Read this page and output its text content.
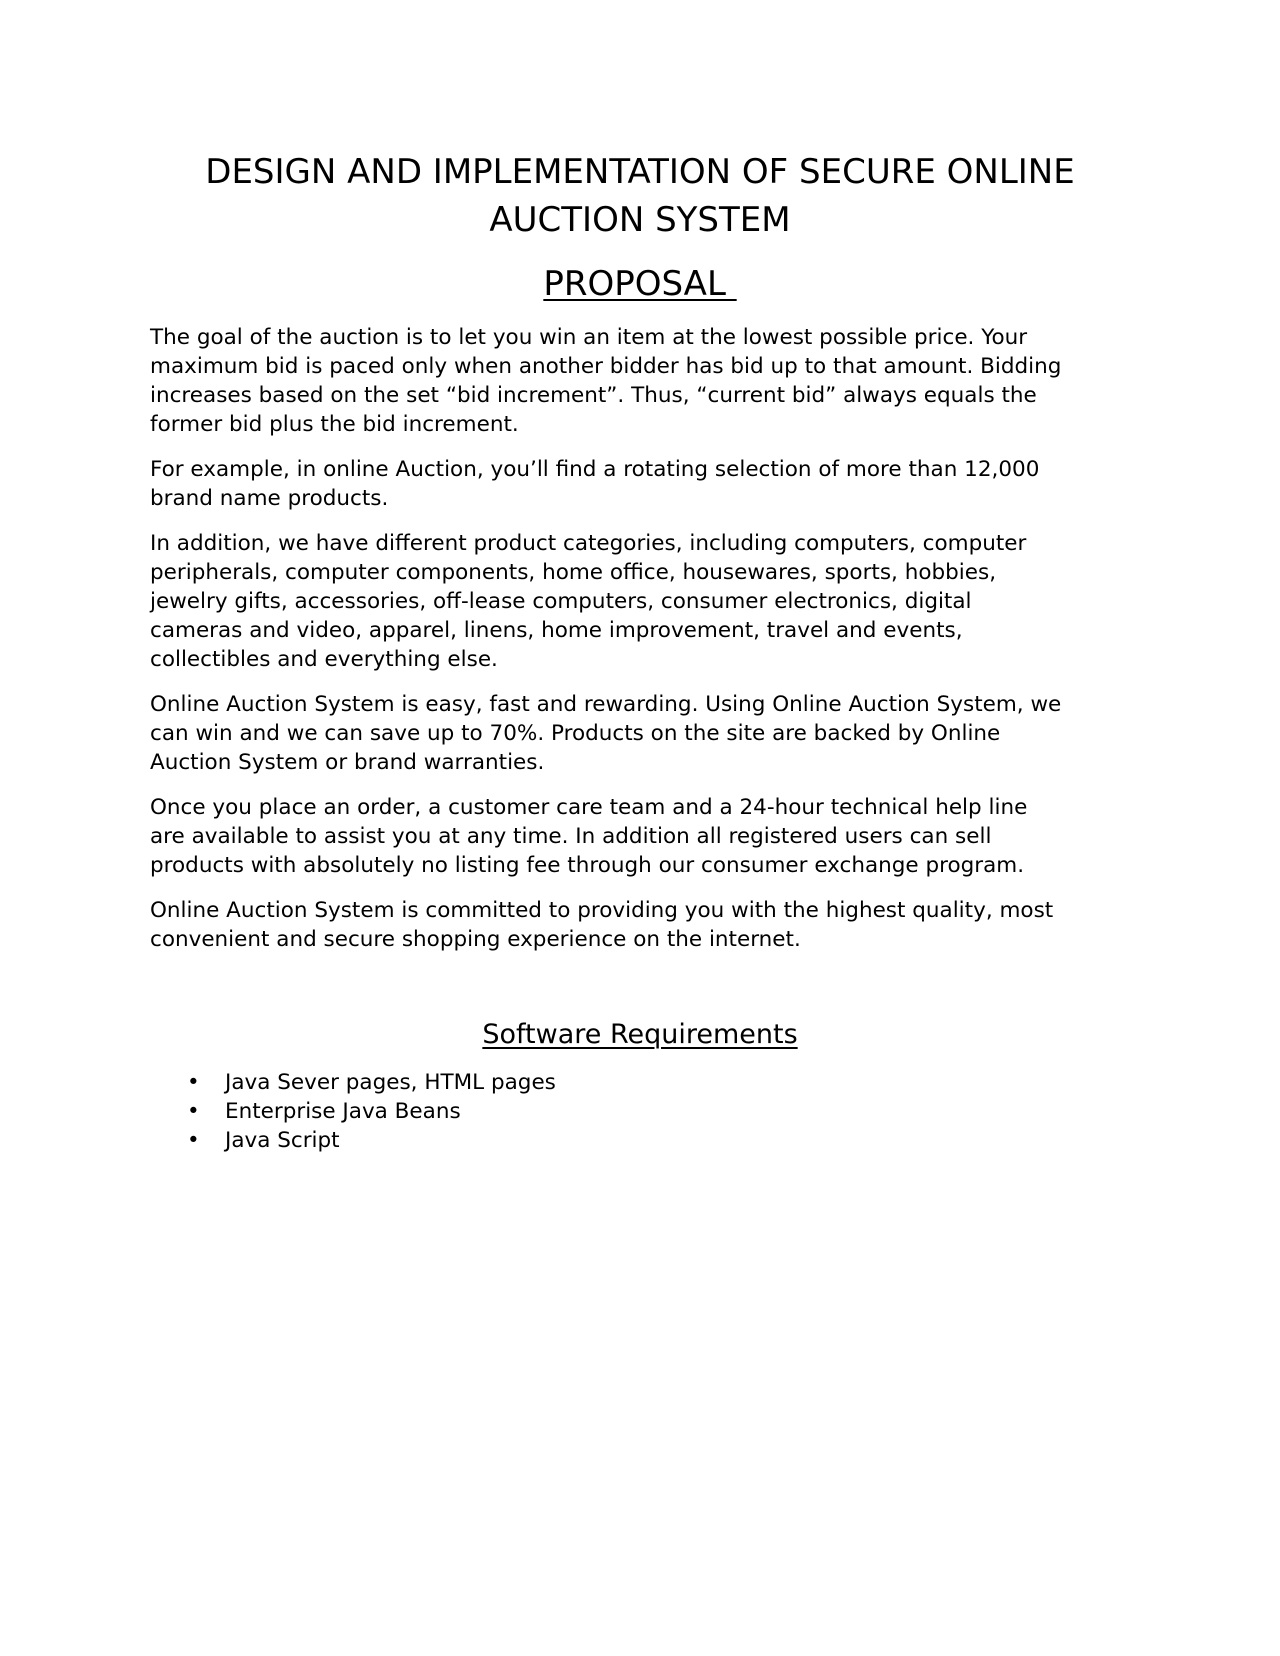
DESIGN AND IMPLEMENTATION OF SECURE ONLINE
AUCTION SYSTEM
PROPOSAL

The goal of the auction is to let you win an item at the lowest possible price. Your
maximum bid is paced only when another bidder has bid up to that amount. Bidding
increases based on the set “bid increment”. Thus, “current bid” always equals the
former bid plus the bid increment.

For example, in online Auction, you’ll find a rotating selection of more than 12,000
brand name products.

In addition, we have different product categories, including computers, computer
peripherals, computer components, home office, housewares, sports, hobbies,
jewelry gifts, accessories, off-lease computers, consumer electronics, digital
cameras and video, apparel, linens, home improvement, travel and events,
collectibles and everything else.

Online Auction System is easy, fast and rewarding. Using Online Auction System, we
can win and we can save up to 70%. Products on the site are backed by Online
Auction System or brand warranties.

Once you place an order, a customer care team and a 24-hour technical help line
are available to assist you at any time. In addition all registered users can sell
products with absolutely no listing fee through our consumer exchange program.

Online Auction System is committed to providing you with the highest quality, most
convenient and secure shopping experience on the internet.

Software Requirements
• Java Sever pages, HTML pages
• Enterprise Java Beans
• Java Script
